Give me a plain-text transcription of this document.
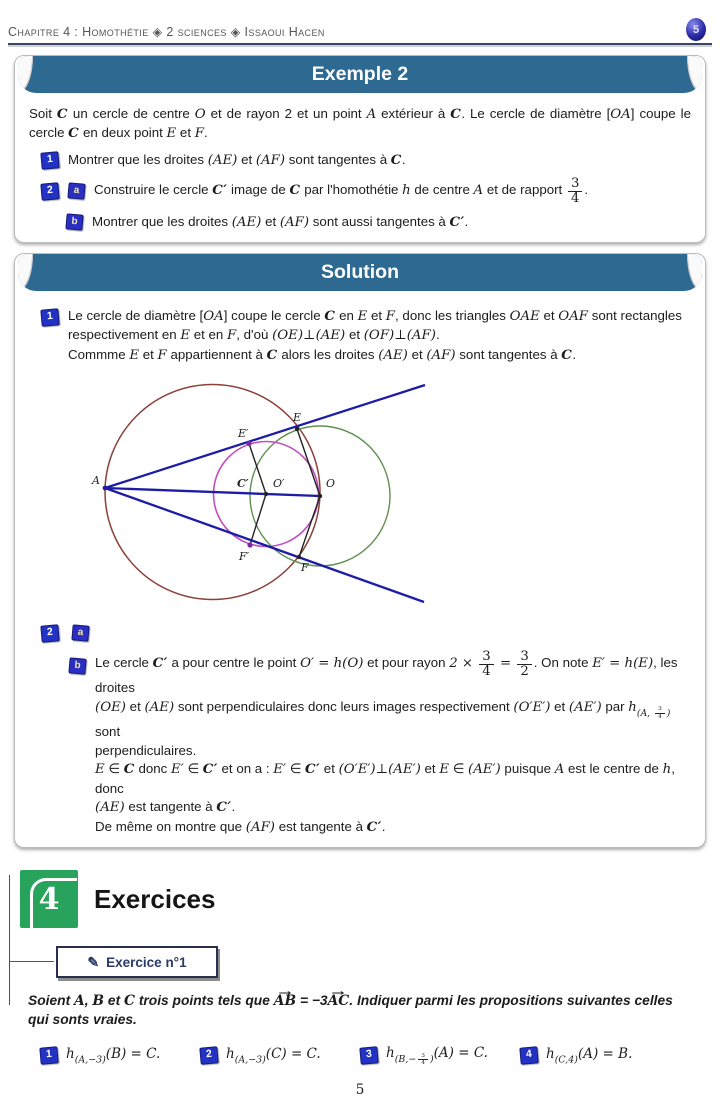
Chapitre 4 : Homothétie ◈ 2 sciences ◈ Issaoui Hacen	5
Exemple 2

Soit C un cercle de centre O et de rayon 2 et un point A extérieur à C. Le cercle de diamètre [OA] coupe le cercle C en deux point E et F.

1	Montrer que les droites (AE) et (AF) sont tangentes à C.
2	a	Construire le cercle C′ image de C par l'homothétie h de centre A et de rapport $\frac{3}{4}$ .
b	Montrer que les droites (AE) et (AF) sont aussi tangentes à C′.
Solution
1	Le cercle de diamètre [OA] coupe le cercle C en E et F, donc les triangles OAE et OAF sont rectangles
respectivement en E et en F, d'où (OE)⊥(AE) et (OF)⊥(AF).
Commme E et F appartiennent à C alors les droites (AE) et (AF) sont tangentes à C.
A
E
E′
O′	O
C′
F′
F
2	a
b	Le cercle C′ a pour centre le point O′ = h(O) et pour rayon $2 \times \frac{3}{4} = \frac{3}{2}$ . On note E′ = h(E), les droites
(OE) et (AE) sont perpendiculaires donc leurs images respectivement (O′E′) et (AE′) par $h_{(A, \frac{3}{4} )}$ sont
perpendiculaires.
E ∈ C donc E′ ∈ C′ et on a : E′ ∈ C′ et (O′E′)⊥(AE′) et E ∈ (AE′) puisque A est le centre de h, donc
(AE) est tangente à C′.
De même on montre que (AF) est tangente à C′.
4	Exercices
✎ Exercice n°1
Soient A, B et C trois points tels que → AB = −3→ AC. Indiquer parmi les propositions suivantes celles
qui sonts vraies.
1	$h_{(A,-3)}(B) = C$.	2	$h_{(A,-3)}(C) = C$.	3	$h_{(B,- \frac{3}{4} )}(A) = C$.	4	$h_{(C,4)}(A) = B$.
5
